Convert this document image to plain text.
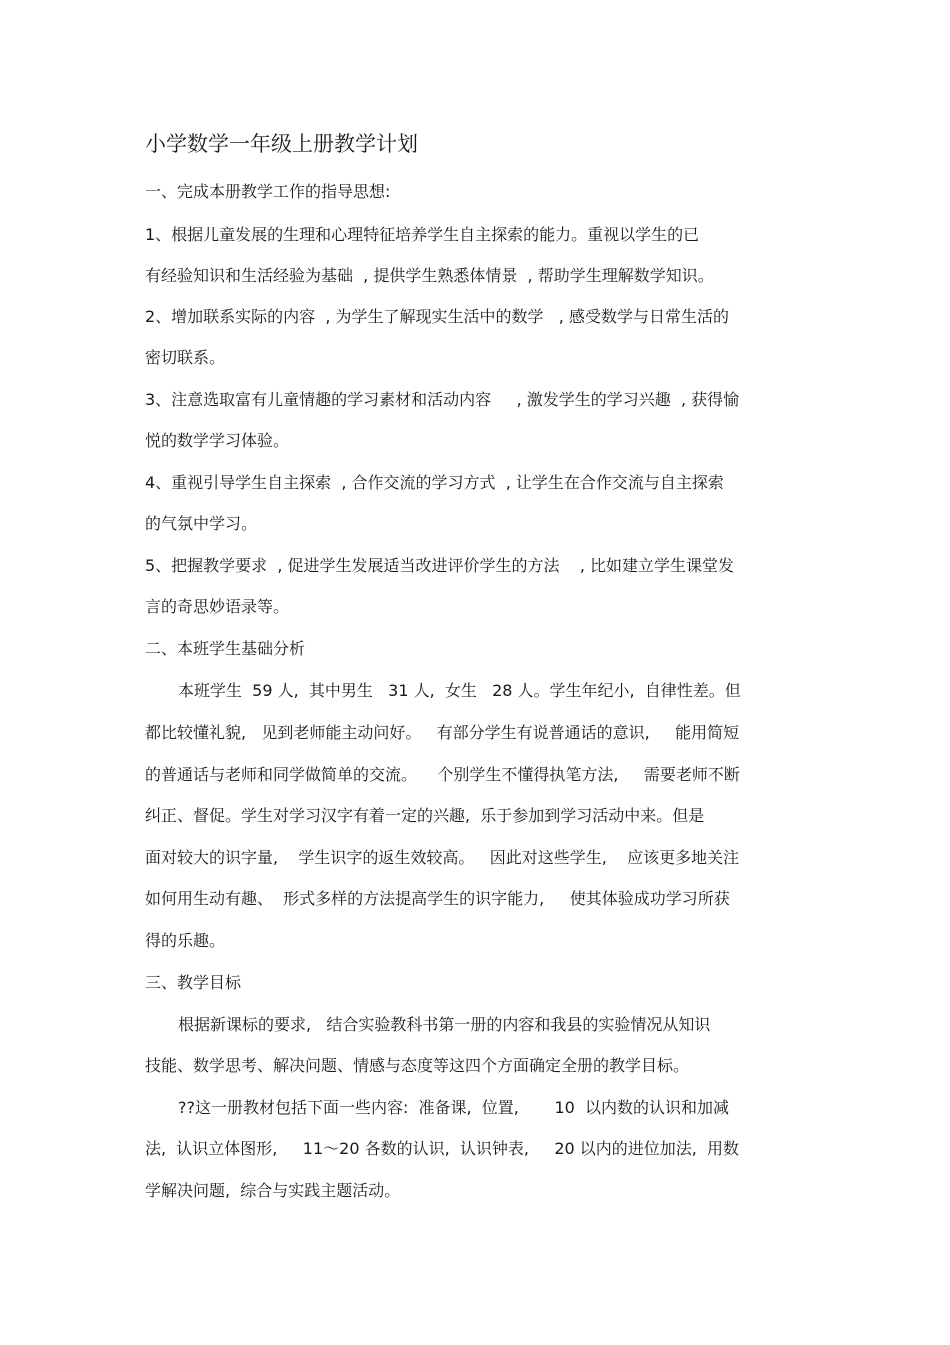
小学数学一年级上册教学计划
一、完成本册教学工作的指导思想:
1、根据儿童发展的生理和心理特征培养学生自主探索的能力。重视以学生的已
有经验知识和生活经验为基础  , 提供学生熟悉体情景  , 帮助学生理解数学知识。
2、增加联系实际的内容  , 为学生了解现实生活中的数学   , 感受数学与日常生活的
密切联系。
3、注意选取富有儿童情趣的学习素材和活动内容     , 激发学生的学习兴趣  , 获得愉
悦的数学学习体验。
4、重视引导学生自主探索  , 合作交流的学习方式  , 让学生在合作交流与自主探索
的气氛中学习。
5、把握教学要求  , 促进学生发展适当改进评价学生的方法    , 比如建立学生课堂发
言的奇思妙语录等。
二、本班学生基础分析
本班学生  59 人,  其中男生   31 人,  女生   28 人。学生年纪小,  自律性差。但
都比较懂礼貌,   见到老师能主动问好。   有部分学生有说普通话的意识,     能用简短
的普通话与老师和同学做简单的交流。    个别学生不懂得执笔方法,     需要老师不断
纠正、督促。学生对学习汉字有着一定的兴趣,  乐于参加到学习活动中来。但是
面对较大的识字量,    学生识字的返生效较高。   因此对这些学生,    应该更多地关注
如何用生动有趣、  形式多样的方法提高学生的识字能力,     使其体验成功学习所获
得的乐趣。
三、教学目标
根据新课标的要求,   结合实验教科书第一册的内容和我县的实验情况从知识
技能、数学思考、解决问题、情感与态度等这四个方面确定全册的教学目标。
??这一册教材包括下面一些内容:  准备课,  位置,       10  以内数的认识和加减
法,  认识立体图形,     11～20 各数的认识,  认识钟表,     20 以内的进位加法,  用数
学解决问题,  综合与实践主题活动。
